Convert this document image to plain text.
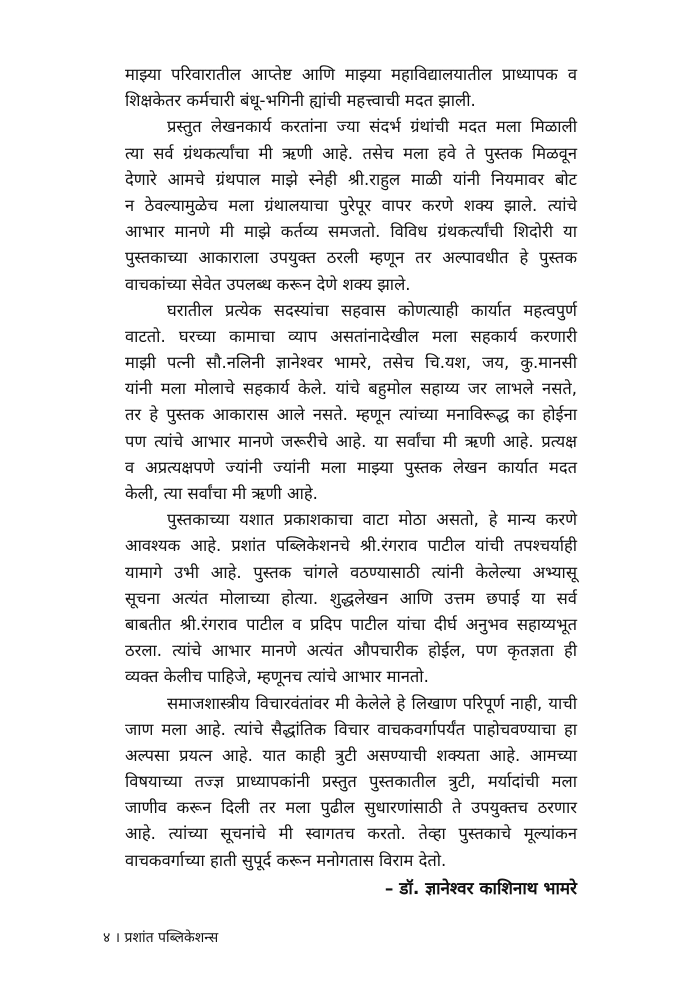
माझ्या परिवारातील आप्तेष्ट आणि माझ्या महाविद्यालयातील प्राध्यापक व
शिक्षकेतर कर्मचारी बंधू-भगिनी ह्यांची महत्त्वाची मदत झाली.
प्रस्तुत लेखनकार्य करतांना ज्या संदर्भ ग्रंथांची मदत मला मिळाली
त्या सर्व ग्रंथकर्त्यांचा मी ऋणी आहे. तसेच मला हवे ते पुस्तक मिळवून
देणारे आमचे ग्रंथपाल माझे स्नेही श्री.राहुल माळी यांनी नियमावर बोट
न ठेवल्यामुळेच मला ग्रंथालयाचा पुरेपूर वापर करणे शक्य झाले. त्यांचे
आभार मानणे मी माझे कर्तव्य समजतो. विविध ग्रंथकर्त्यांची शिदोरी या
पुस्तकाच्या आकाराला उपयुक्त ठरली म्हणून तर अल्पावधीत हे पुस्तक
वाचकांच्या सेवेत उपलब्ध करून देणे शक्य झाले.
घरातील प्रत्येक सदस्यांचा सहवास कोणत्याही कार्यात महत्वपुर्ण
वाटतो. घरच्या कामाचा व्याप असतांनादेखील मला सहकार्य करणारी
माझी पत्नी सौ.नलिनी ज्ञानेश्वर भामरे, तसेच चि.यश, जय, कु.मानसी
यांनी मला मोलाचे सहकार्य केले. यांचे बहुमोल सहाय्य जर लाभले नसते,
तर हे पुस्तक आकारास आले नसते. म्हणून त्यांच्या मनाविरूद्ध का होईना
पण त्यांचे आभार मानणे जरूरीचे आहे. या सर्वांचा मी ऋणी आहे. प्रत्यक्ष
व अप्रत्यक्षपणे ज्यांनी ज्यांनी मला माझ्या पुस्तक लेखन कार्यात मदत
केली, त्या सर्वांचा मी ऋणी आहे.
पुस्तकाच्या यशात प्रकाशकाचा वाटा मोठा असतो, हे मान्य करणे
आवश्यक आहे. प्रशांत पब्लिकेशनचे श्री.रंगराव पाटील यांची तपश्चर्याही
यामागे उभी आहे. पुस्तक चांगले वठण्यासाठी त्यांनी केलेल्या अभ्यासू
सूचना अत्यंत मोलाच्या होत्या. शुद्धलेखन आणि उत्तम छपाई या सर्व
बाबतीत श्री.रंगराव पाटील व प्रदिप पाटील यांचा दीर्घ अनुभव सहाय्यभूत
ठरला. त्यांचे आभार मानणे अत्यंत औपचारीक होईल, पण कृतज्ञता ही
व्यक्त केलीच पाहिजे, म्हणूनच त्यांचे आभार मानतो.
समाजशास्त्रीय विचारवंतांवर मी केलेले हे लिखाण परिपूर्ण नाही, याची
जाण मला आहे. त्यांचे सैद्धांतिक विचार वाचकवर्गापर्यंत पाहोचवण्याचा हा
अल्पसा प्रयत्न आहे. यात काही त्रुटी असण्याची शक्यता आहे. आमच्या
विषयाच्या तज्ज्ञ प्राध्यापकांनी प्रस्तुत पुस्तकातील त्रुटी, मर्यादांची मला
जाणीव करून दिली तर मला पुढील सुधारणांसाठी ते उपयुक्तच ठरणार
आहे. त्यांच्या सूचनांचे मी स्वागतच करतो. तेव्हा पुस्तकाचे मूल्यांकन
वाचकवर्गाच्या हाती सुपूर्द करून मनोगतास विराम देतो.
– डॉ. ज्ञानेश्वर काशिनाथ भामरे
४ । प्रशांत पब्लिकेशन्स
